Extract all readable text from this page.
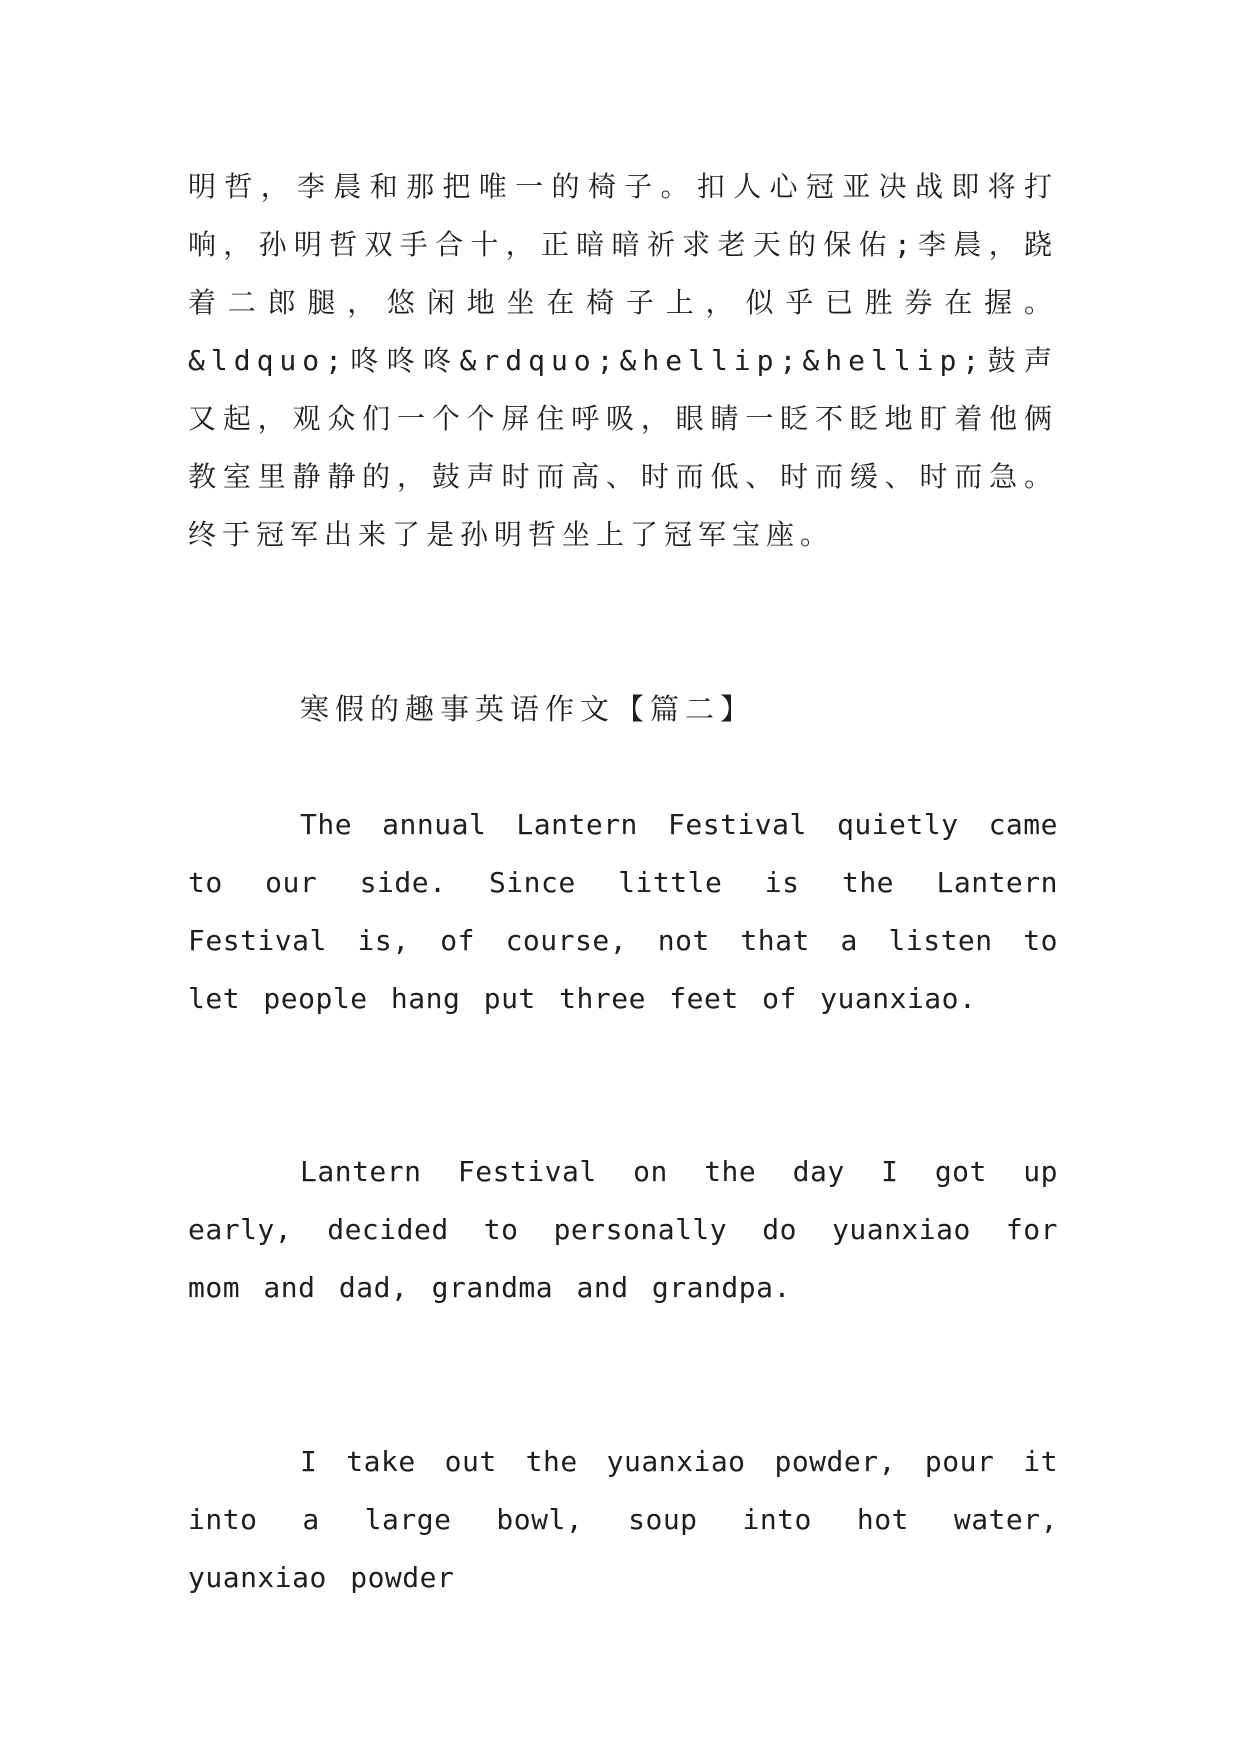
明哲，李晨和那把唯一的椅子。扣人心冠亚决战即将打响，孙明哲双手合十，正暗暗祈求老天的保佑;李晨，跷着二郎腿，悠闲地坐在椅子上，似乎已胜券在握。&ldquo;咚咚咚&rdquo;&hellip;&hellip;鼓声又起，观众们一个个屏住呼吸，眼睛一眨不眨地盯着他俩教室里静静的，鼓声时而高、时而低、时而缓、时而急。终于冠军出来了是孙明哲坐上了冠军宝座。

寒假的趣事英语作文【篇二】

The annual Lantern Festival quietly came to our side. Since little is the Lantern Festival is, of course, not that a listen to let people hang put three feet of yuanxiao.

Lantern Festival on the day I got up early, decided to personally do yuanxiao for mom and dad, grandma and grandpa.

I take out the yuanxiao powder, pour it into a large bowl, soup into hot water, yuanxiao powder
